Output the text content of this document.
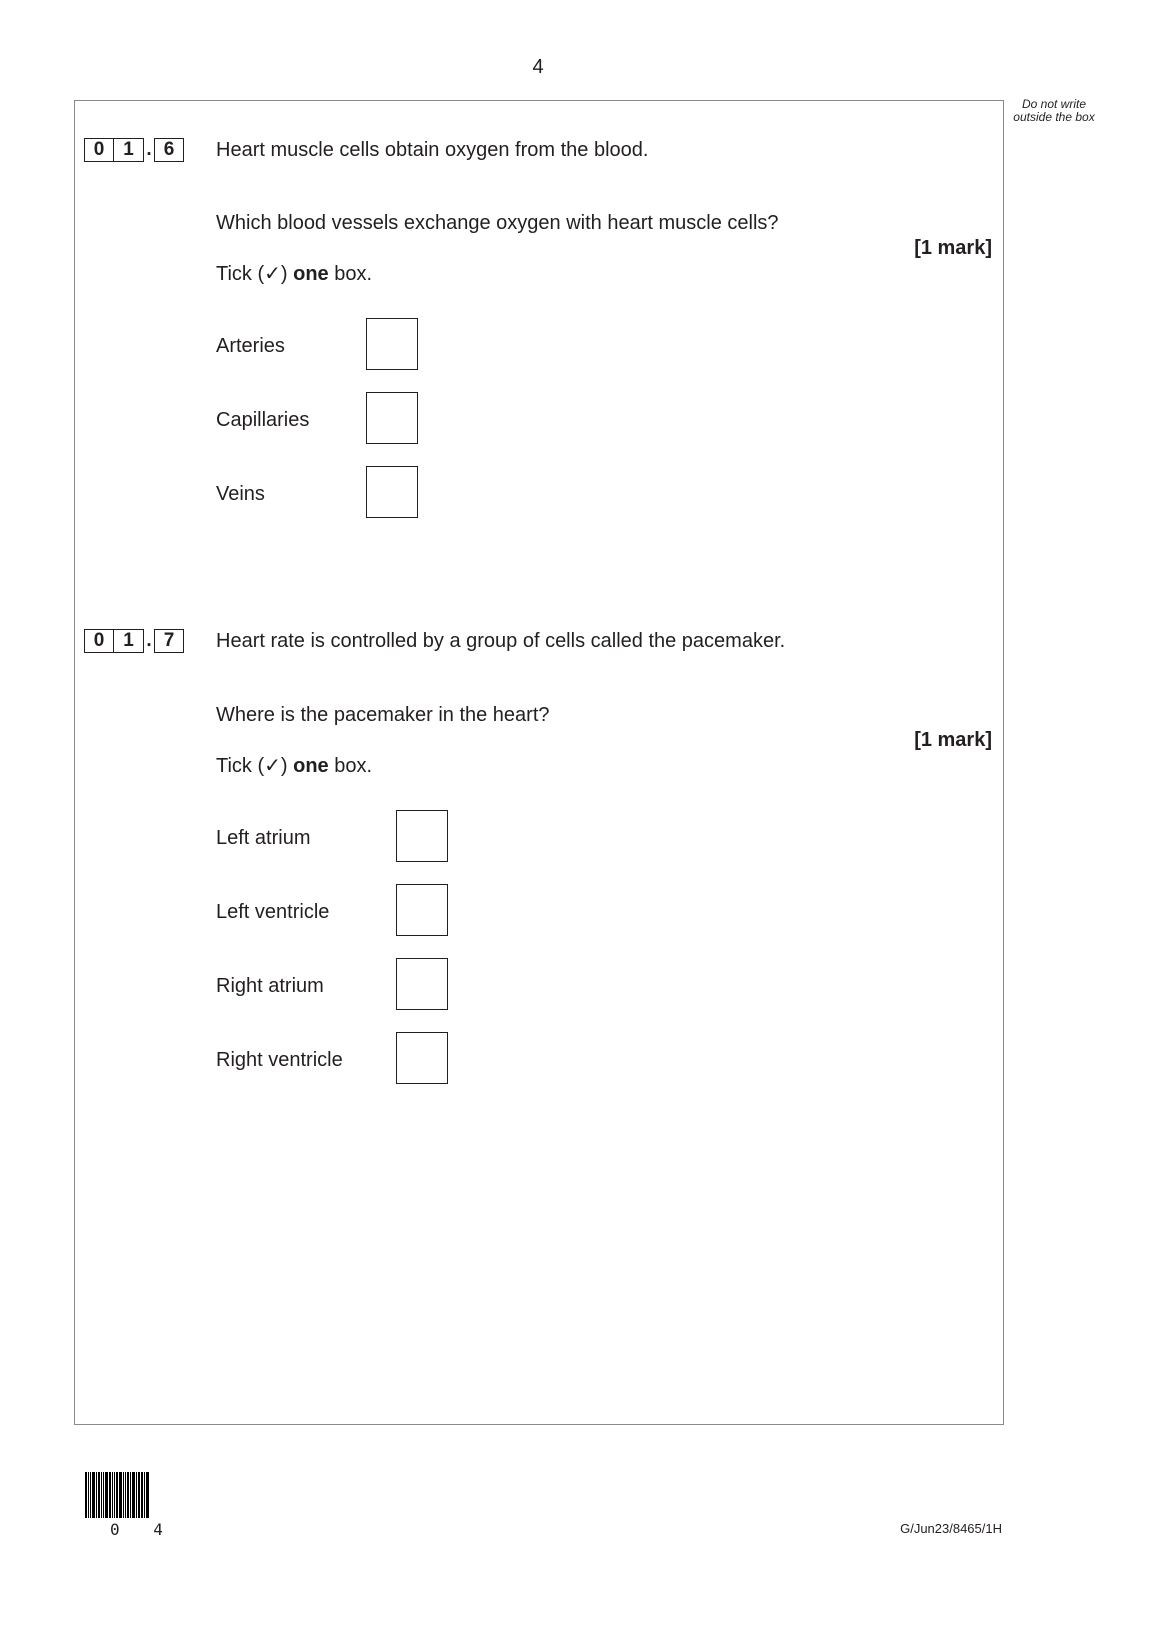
4
Do not write outside the box
0 1 . 6	Heart muscle cells obtain oxygen from the blood.
Which blood vessels exchange oxygen with heart muscle cells?
[1 mark]
Tick (✓) one box.
Arteries
Capillaries
Veins
0 1 . 7	Heart rate is controlled by a group of cells called the pacemaker.
Where is the pacemaker in the heart?
[1 mark]
Tick (✓) one box.
Left atrium
Left ventricle
Right atrium
Right ventricle
0 4	G/Jun23/8465/1H
